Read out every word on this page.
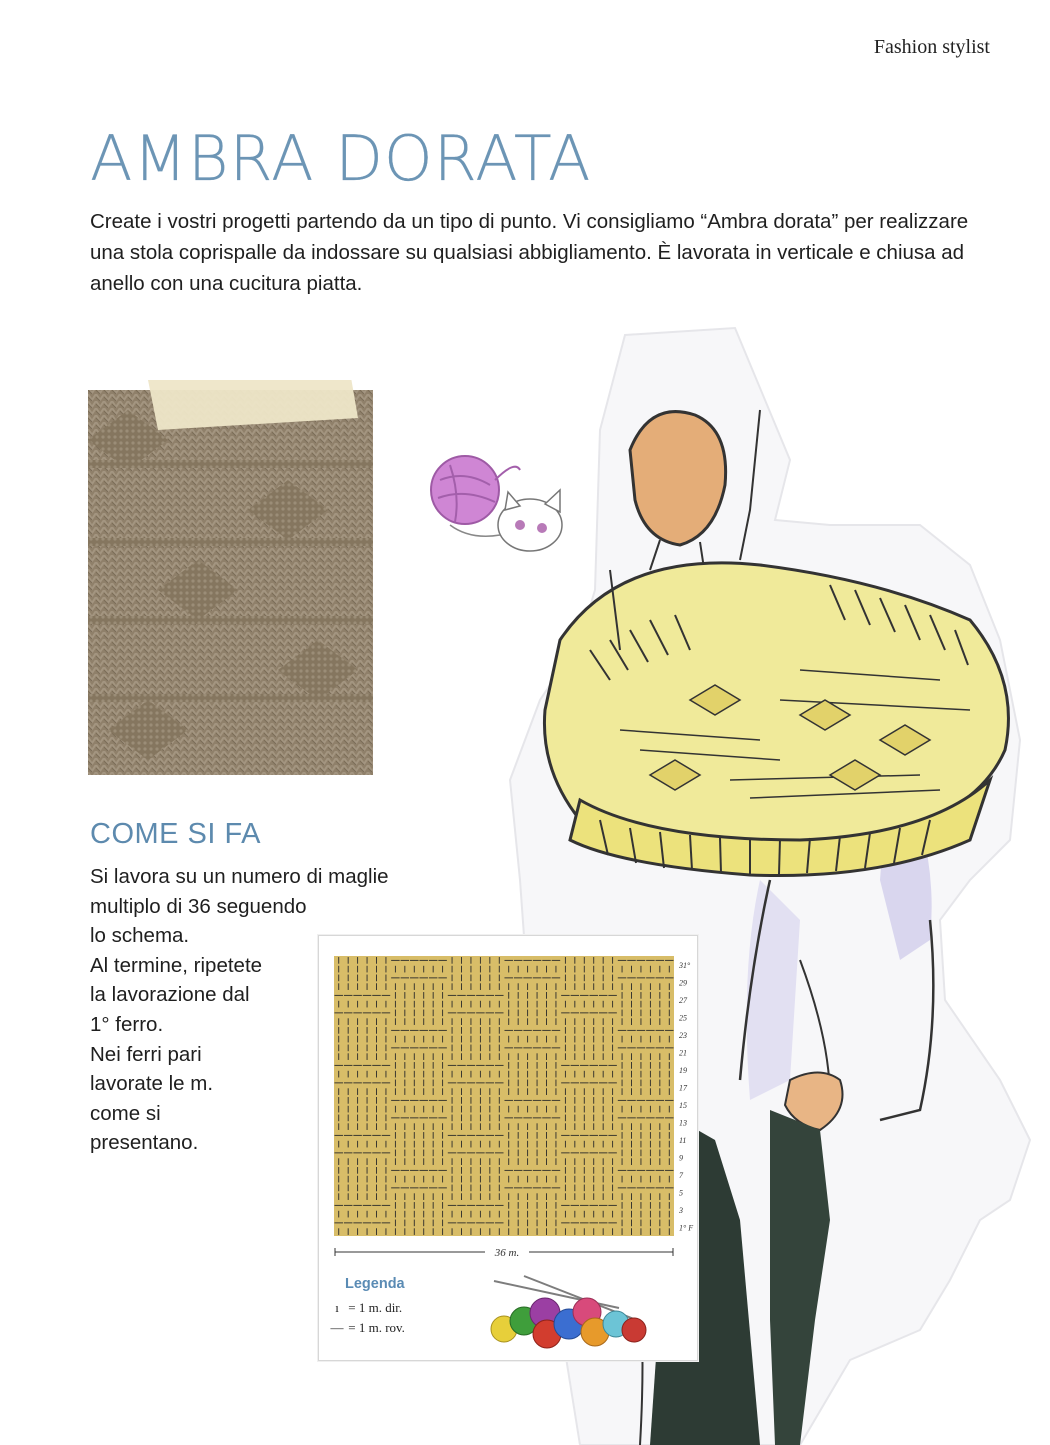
Fashion stylist
AMBRA DORATA
Create i vostri progetti partendo da un tipo di punto. Vi consigliamo “Ambra dorata” per realizzare una stola coprispalle da indossare su qualsiasi abbigliamento. È lavorata in verticale e chiusa ad anello con una cucitura piatta.
COME SI FA
Si lavora su un numero di maglie
multiplo di 36 seguendo
lo schema.
Al termine, ripetete
la lavorazione dal
1° ferro.
Nei ferri pari
lavorate le m.
come si
presentano.
31°
29
27
25
23
21
19
17
15
13
11
9
7
5
3
1° F
36 m.
Legenda
ı = 1 m. dir.
— = 1 m. rov.
